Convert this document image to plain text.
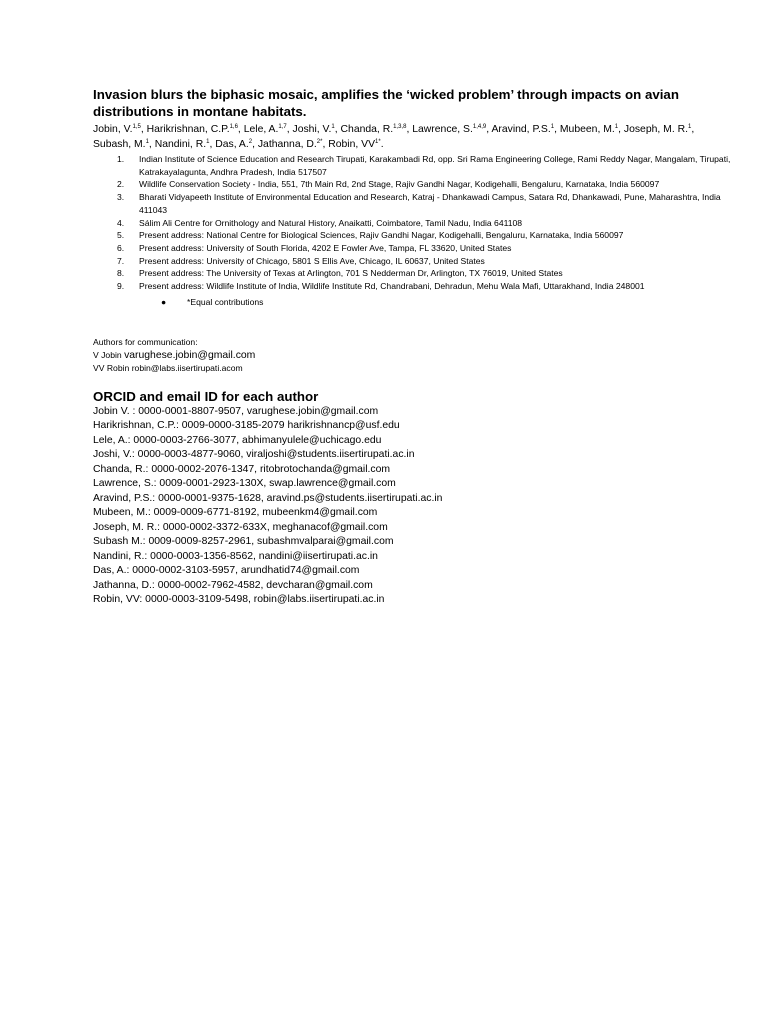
Invasion blurs the biphasic mosaic, amplifies the ‘wicked problem’ through impacts on avian distributions in montane habitats.
Jobin, V.$^{1,5}$, Harikrishnan, C.P.$^{1,6}$, Lele, A.$^{1,7}$, Joshi, V.$^1$, Chanda, R.$^{1,3,8}$, Lawrence, S.$^{1,4,9}$, Aravind, P.S.$^1$, Mubeen, M.$^1$, Joseph, M. R.$^1$, Subash, M.$^1$, Nandini, R.$^1$, Das, A.$^2$, Jathanna, D.$^{2*}$, Robin, $VV^{1*}$.
1. Indian Institute of Science Education and Research Tirupati, Karakambadi Rd, opp. Sri Rama Engineering College, Rami Reddy Nagar, Mangalam, Tirupati, Katrakayalagunta, Andhra Pradesh, India 517507
2. Wildlife Conservation Society - India, 551, 7th Main Rd, 2nd Stage, Rajiv Gandhi Nagar, Kodigehalli, Bengaluru, Karnataka, India 560097
3. Bharati Vidyapeeth Institute of Environmental Education and Research, Katraj - Dhankawadi Campus, Satara Rd, Dhankawadi, Pune, Maharashtra, India 411043
4. Sálim Ali Centre for Ornithology and Natural History, Anaikatti, Coimbatore, Tamil Nadu, India 641108
5. Present address: National Centre for Biological Sciences, Rajiv Gandhi Nagar, Kodigehalli, Bengaluru, Karnataka, India 560097
6. Present address: University of South Florida, 4202 E Fowler Ave, Tampa, FL 33620, United States
7. Present address: University of Chicago, 5801 S Ellis Ave, Chicago, IL 60637, United States
8. Present address: The University of Texas at Arlington, 701 S Nedderman Dr, Arlington, TX 76019, United States
9. Present address: Wildlife Institute of India, Wildlife Institute Rd, Chandrabani, Dehradun, Mehu Wala Mafi, Uttarakhand, India 248001
● *Equal contributions
Authors for communication:
V Jobin varughese.jobin@gmail.com
VV Robin robin@labs.iisertirupati.acom
ORCID and email ID for each author
Jobin V. : 0000-0001-8807-9507, varughese.jobin@gmail.com
Harikrishnan, C.P.: 0009-0000-3185-2079 harikrishnancp@usf.edu
Lele, A.: 0000-0003-2766-3077, abhimanyulele@uchicago.edu
Joshi, V.: 0000-0003-4877-9060, viraljoshi@students.iisertirupati.ac.in
Chanda, R.: 0000-0002-2076-1347, ritobrotochanda@gmail.com
Lawrence, S.: 0009-0001-2923-130X, swap.lawrence@gmail.com
Aravind, P.S.: 0000-0001-9375-1628, aravind.ps@students.iisertirupati.ac.in
Mubeen, M.: 0009-0009-6771-8192, mubeenkm4@gmail.com
Joseph, M. R.: 0000-0002-3372-633X, meghanacof@gmail.com
Subash M.: 0009-0009-8257-2961, subashmvalparai@gmail.com
Nandini, R.: 0000-0003-1356-8562, nandini@iisertirupati.ac.in
Das, A.: 0000-0002-3103-5957, arundhatid74@gmail.com
Jathanna, D.: 0000-0002-7962-4582, devcharan@gmail.com
Robin, VV: 0000-0003-3109-5498, robin@labs.iisertirupati.ac.in
